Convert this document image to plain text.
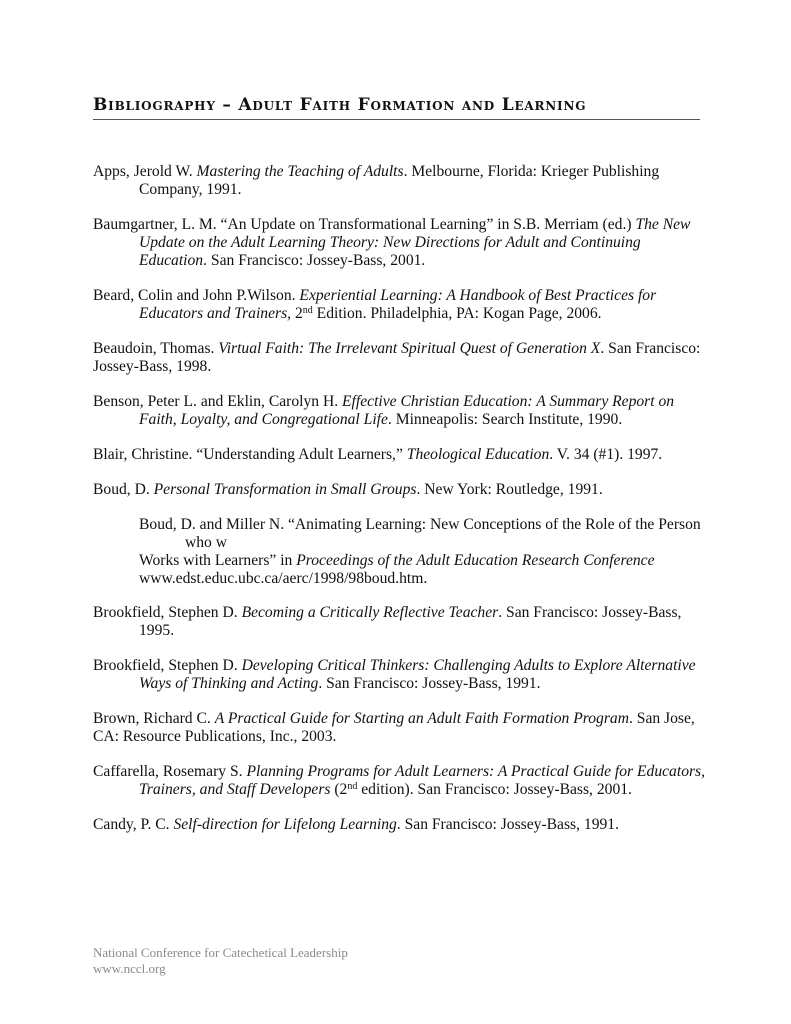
Bibliography – Adult Faith Formation and Learning

Apps, Jerold W. Mastering the Teaching of Adults. Melbourne, Florida: Krieger Publishing Company, 1991.

Baumgartner, L. M. “An Update on Transformational Learning” in S.B. Merriam (ed.) The New Update on the Adult Learning Theory: New Directions for Adult and Continuing Education. San Francisco: Jossey-Bass, 2001.

Beard, Colin and John P.Wilson. Experiential Learning: A Handbook of Best Practices for Educators and Trainers, 2nd Edition. Philadelphia, PA: Kogan Page, 2006.

Beaudoin, Thomas. Virtual Faith: The Irrelevant Spiritual Quest of Generation X. San Francisco: Jossey-Bass, 1998.

Benson, Peter L. and Eklin, Carolyn H. Effective Christian Education: A Summary Report on Faith, Loyalty, and Congregational Life. Minneapolis: Search Institute, 1990.

Blair, Christine. “Understanding Adult Learners,” Theological Education. V. 34 (#1). 1997.

Boud, D. Personal Transformation in Small Groups. New York: Routledge, 1991.

Boud, D. and Miller N. “Animating Learning: New Conceptions of the Role of the Person who w
Works with Learners” in Proceedings of the Adult Education Research Conference www.edst.educ.ubc.ca/aerc/1998/98boud.htm.

Brookfield, Stephen D. Becoming a Critically Reflective Teacher. San Francisco: Jossey-Bass, 1995.

Brookfield, Stephen D. Developing Critical Thinkers: Challenging Adults to Explore Alternative Ways of Thinking and Acting. San Francisco: Jossey-Bass, 1991.

Brown, Richard C. A Practical Guide for Starting an Adult Faith Formation Program. San Jose, CA: Resource Publications, Inc., 2003.

Caffarella, Rosemary S. Planning Programs for Adult Learners: A Practical Guide for Educators, Trainers, and Staff Developers (2nd edition). San Francisco: Jossey-Bass, 2001.

Candy, P. C. Self-direction for Lifelong Learning. San Francisco: Jossey-Bass, 1991.

National Conference for Catechetical Leadership
www.nccl.org
